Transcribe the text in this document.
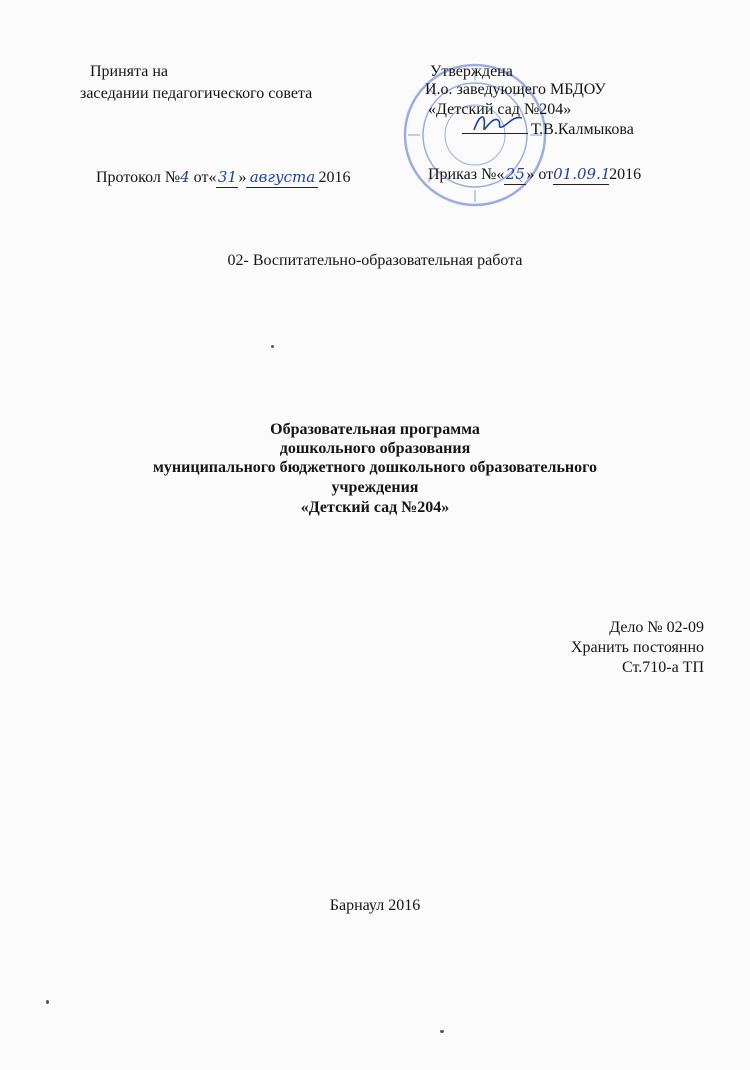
Принята на
заседании педагогического совета
Протокол №4 от«31» августа 2016
Утверждена
И.о. заведующего МБДОУ
«Детский сад №204»
Т.В.Калмыкова
Приказ №«25» от01.09.12016
02- Воспитательно-образовательная работа
Образовательная программа
дошкольного образования
муниципального бюджетного дошкольного образовательного
учреждения
«Детский сад №204»
Дело № 02-09
Хранить постоянно
Ст.710-а ТП
Барнаул 2016
